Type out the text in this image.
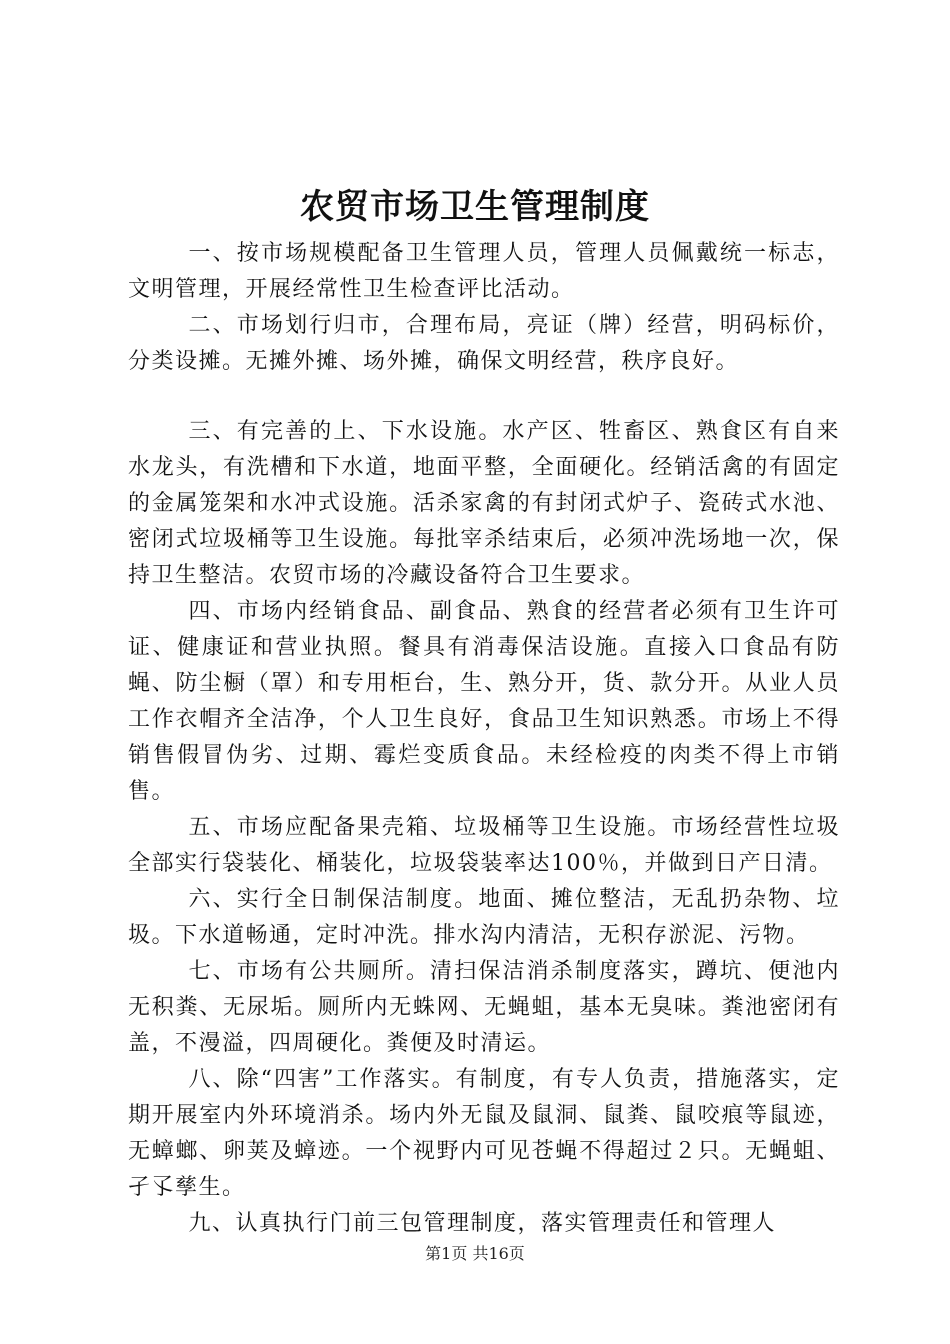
农贸市场卫生管理制度

一、按市场规模配备卫生管理人员，管理人员佩戴统一标志，文明管理，开展经常性卫生检查评比活动。

二、市场划行归市，合理布局，亮证（牌）经营，明码标价，分类设摊。无摊外摊、场外摊，确保文明经营，秩序良好。

三、有完善的上、下水设施。水产区、牲畜区、熟食区有自来水龙头，有洗槽和下水道，地面平整，全面硬化。经销活禽的有固定的金属笼架和水冲式设施。活杀家禽的有封闭式炉子、瓷砖式水池、密闭式垃圾桶等卫生设施。每批宰杀结束后，必须冲洗场地一次，保持卫生整洁。农贸市场的冷藏设备符合卫生要求。

四、市场内经销食品、副食品、熟食的经营者必须有卫生许可证、健康证和营业执照。餐具有消毒保洁设施。直接入口食品有防蝇、防尘橱（罩）和专用柜台，生、熟分开，货、款分开。从业人员工作衣帽齐全洁净，个人卫生良好，食品卫生知识熟悉。市场上不得销售假冒伪劣、过期、霉烂变质食品。未经检疫的肉类不得上市销售。

五、市场应配备果壳箱、垃圾桶等卫生设施。市场经营性垃圾全部实行袋装化、桶装化，垃圾袋装率达100％，并做到日产日清。

六、实行全日制保洁制度。地面、摊位整洁，无乱扔杂物、垃圾。下水道畅通，定时冲洗。排水沟内清洁，无积存淤泥、污物。

七、市场有公共厕所。清扫保洁消杀制度落实，蹲坑、便池内无积粪、无尿垢。厕所内无蛛网、无蝇蛆，基本无臭味。粪池密闭有盖，不漫溢，四周硬化。粪便及时清运。

八、除“四害”工作落实。有制度，有专人负责，措施落实，定期开展室内外环境消杀。场内外无鼠及鼠洞、鼠粪、鼠咬痕等鼠迹，无蟑螂、卵荚及蟑迹。一个视野内可见苍蝇不得超过２只。无蝇蛆、孑孓孳生。

九、认真执行门前三包管理制度，落实管理责任和管理人

第1页 共16页
